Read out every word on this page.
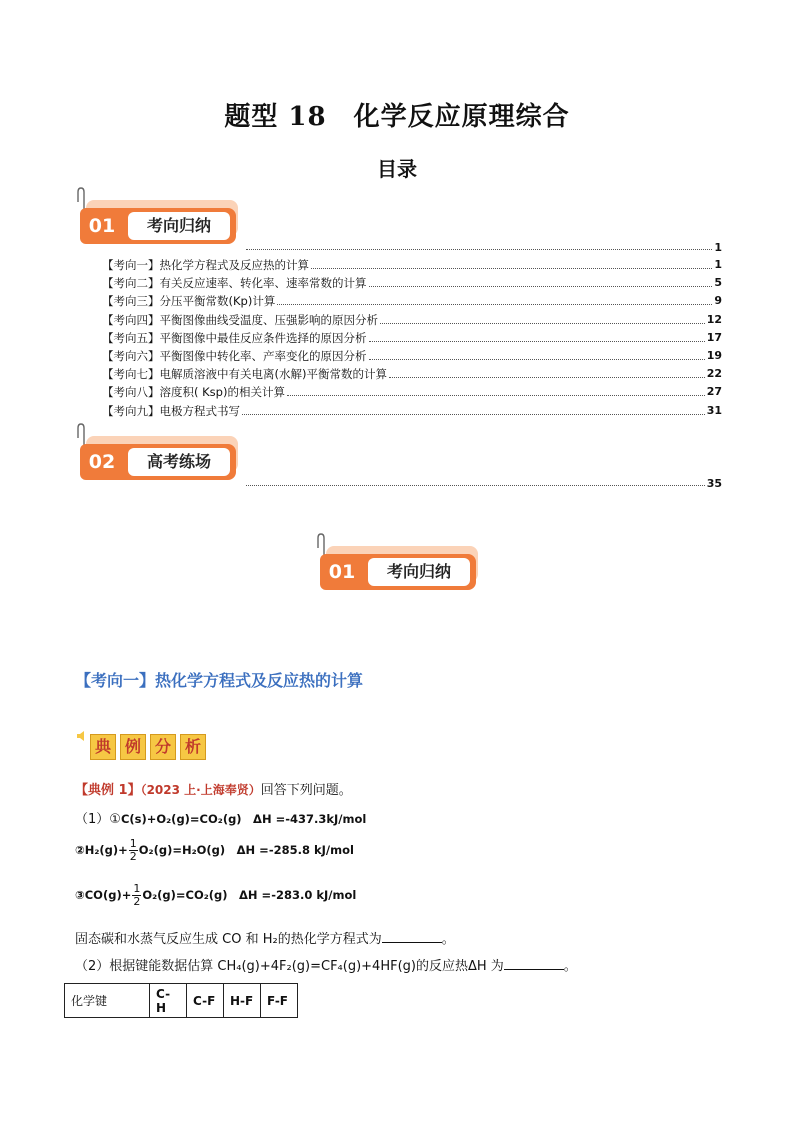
题型 18　化学反应原理综合
目录
01	考向归纳
1
【考向一】热化学方程式及反应热的计算	1
【考向二】有关反应速率、转化率、速率常数的计算	5
【考向三】分压平衡常数(Kp)计算	9
【考向四】平衡图像曲线受温度、压强影响的原因分析	12
【考向五】平衡图像中最佳反应条件选择的原因分析	17
【考向六】平衡图像中转化率、产率变化的原因分析	19
【考向七】电解质溶液中有关电离(水解)平衡常数的计算	22
【考向八】溶度积( Ksp)的相关计算	27
【考向九】电极方程式书写	31
02	高考练场
35
01	考向归纳
【考向一】热化学方程式及反应热的计算
典 例 分 析
【典例 1】（2023 上·上海奉贤）回答下列问题。
（1）①C(s)+O₂(g)=CO₂(g)　ΔH =-437.3kJ/mol
②H₂(g)+ $\frac{1}{2} O_2(g)=H_2O(g)$　ΔH =-285.8 kJ/mol
③CO(g)+ $\frac{1}{2} O_2(g)=CO_2(g)$　ΔH =-283.0 kJ/mol
固态碳和水蒸气反应生成 CO 和 H₂的热化学方程式为	。
（2）根据键能数据估算 CH₄(g)+4F₂(g)=CF₄(g)+4HF(g)的反应热ΔH 为	。
化学键	C-H	C-F	H-F	F-F
